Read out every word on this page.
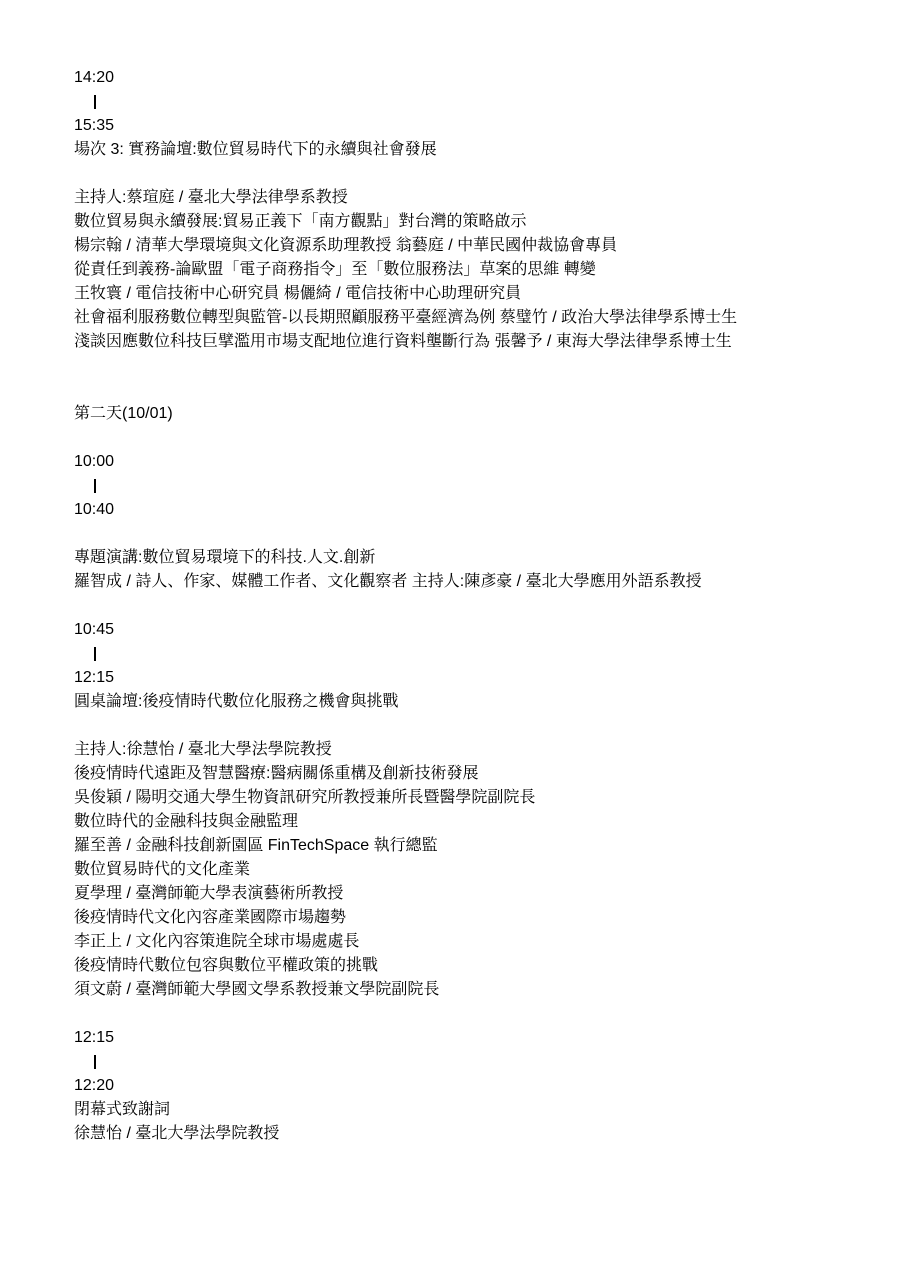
14:20

15:35

場次 3: 實務論壇:數位貿易時代下的永續與社會發展

主持人:蔡瑄庭 / 臺北大學法律學系教授

數位貿易與永續發展:貿易正義下「南方觀點」對台灣的策略啟示

楊宗翰 / 清華大學環境與文化資源系助理教授 翁藝庭 / 中華民國仲裁協會專員

從責任到義務-論歐盟「電子商務指令」至「數位服務法」草案的思維 轉變

王牧寰 / 電信技術中心研究員 楊儷綺 / 電信技術中心助理研究員

社會福利服務數位轉型與監管-以長期照顧服務平臺經濟為例 蔡璧竹 / 政治大學法律學系博士生

淺談因應數位科技巨擘濫用市場支配地位進行資料壟斷行為 張馨予 / 東海大學法律學系博士生

第二天(10/01)

10:00

10:40

專題演講:數位貿易環境下的科技.人文.創新

羅智成 / 詩人、作家、媒體工作者、文化觀察者 主持人:陳彥豪 / 臺北大學應用外語系教授

10:45

12:15

圓桌論壇:後疫情時代數位化服務之機會與挑戰

主持人:徐慧怡 / 臺北大學法學院教授

後疫情時代遠距及智慧醫療:醫病關係重構及創新技術發展

吳俊穎 / 陽明交通大學生物資訊研究所教授兼所長暨醫學院副院長

數位時代的金融科技與金融監理

羅至善 / 金融科技創新園區 FinTechSpace 執行總監

數位貿易時代的文化產業

夏學理 / 臺灣師範大學表演藝術所教授

後疫情時代文化內容產業國際市場趨勢

李正上 / 文化內容策進院全球市場處處長

後疫情時代數位包容與數位平權政策的挑戰

須文蔚 / 臺灣師範大學國文學系教授兼文學院副院長

12:15

12:20

閉幕式致謝詞

徐慧怡 / 臺北大學法學院教授
